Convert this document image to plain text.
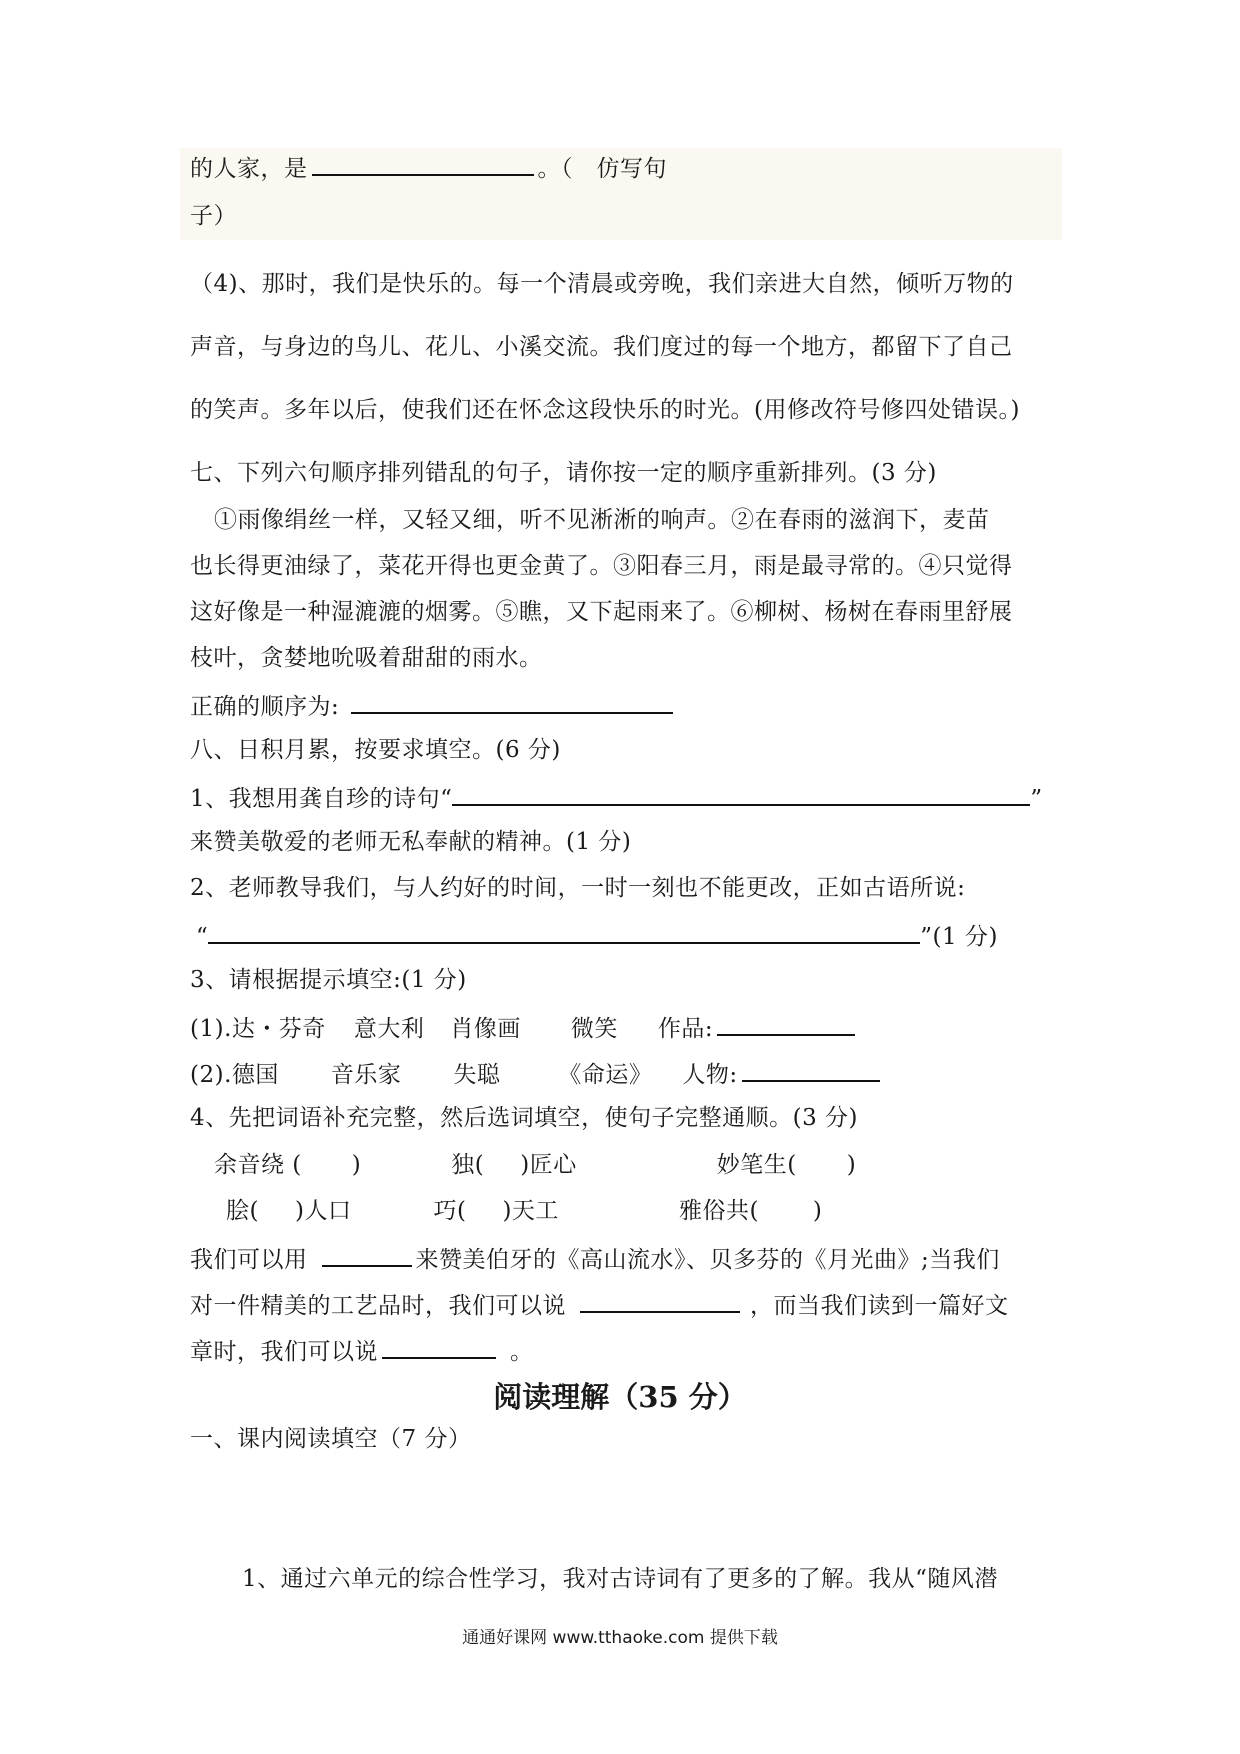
的人家，是	。（　仿写句
子）
（4)、那时，我们是快乐的。每一个清晨或旁晚，我们亲进大自然，倾听万物的
声音，与身边的鸟儿、花儿、小溪交流。我们度过的每一个地方，都留下了自己
的笑声。多年以后，使我们还在怀念这段快乐的时光。(用修改符号修四处错误。)
七、下列六句顺序排列错乱的句子，请你按一定的顺序重新排列。(3 分)
①雨像绢丝一样，又轻又细，听不见淅淅的响声。②在春雨的滋润下，麦苗
也长得更油绿了，菜花开得也更金黄了。③阳春三月，雨是最寻常的。④只觉得
这好像是一种湿漉漉的烟雾。⑤瞧，又下起雨来了。⑥柳树、杨树在春雨里舒展
枝叶，贪婪地吮吸着甜甜的雨水。
正确的顺序为:
八、日积月累，按要求填空。(6 分)
1、我想用龚自珍的诗句“	”
来赞美敬爱的老师无私奉献的精神。(1 分)
2、老师教导我们，与人约好的时间，一时一刻也不能更改，正如古语所说:
“	”(1 分)
3、请根据提示填空:(1 分)
(1).达・芬奇 意大利 肖像画 微笑 作品:
(2).德国 音乐家 失聪	《命运》 人物:
4、先把词语补充完整，然后选词填空，使句子完整通顺。(3 分)
余音绕 ( )	独( )匠心	妙笔生( )
脍( )人口	巧( )天工	雅俗共( )
我们可以用	来赞美伯牙的《高山流水》、贝多芬的《月光曲》;当我们
对一件精美的工艺品时，我们可以说	，而当我们读到一篇好文
章时，我们可以说	。
阅读理解（35 分）
一、课内阅读填空（7 分）
1、通过六单元的综合性学习，我对古诗词有了更多的了解。我从“随风潜
通通好课网 www.tthaoke.com 提供下载
